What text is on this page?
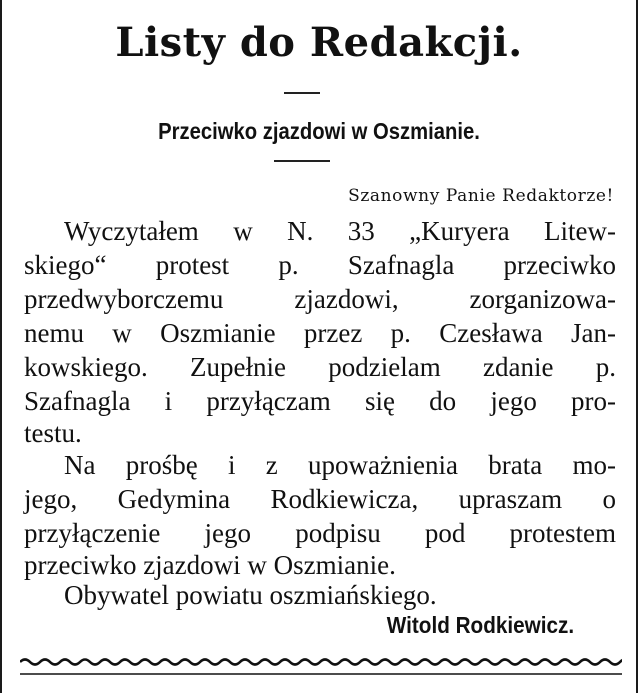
Listy do Redakcji.
Przeciwko zjazdowi w Oszmianie.
Szanowny Panie Redaktorze!
Wyczytałem w N. 33 „Kuryera Litew-
skiego“ protest p. Szafnagla przeciwko
przedwyborczemu zjazdowi, zorganizowa-
nemu w Oszmianie przez p. Czesława Jan-
kowskiego. Zupełnie podzielam zdanie p.
Szafnagla i przyłączam się do jego pro-
testu.
Na prośbę i z upoważnienia brata mo-
jego, Gedymina Rodkiewicza, upraszam o
przyłączenie jego podpisu pod protestem
przeciwko zjazdowi w Oszmianie.
Obywatel powiatu oszmiańskiego.
Witold Rodkiewicz.
